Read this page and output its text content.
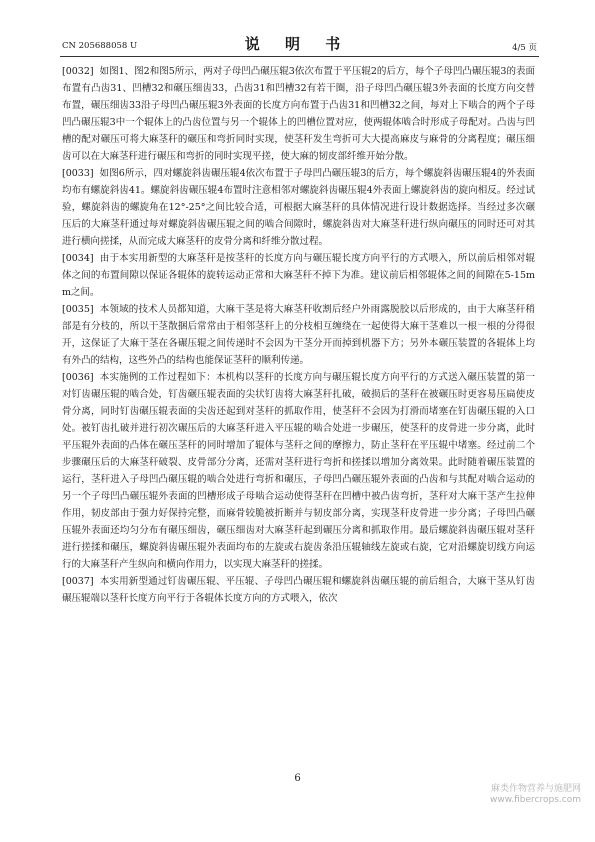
CN 205688058 U	说 明 书	4/5 页

[0032] 如图1、图2和图5所示，两对子母凹凸碾压辊3依次布置于平压辊2的后方，每个子母凹凸碾压辊3的表面布置有凸齿31、凹槽32和碾压细齿33，凸齿31和凹槽32有若干圈，沿子母凹凸碾压辊3外表面的长度方向交替布置，碾压细齿33沿子母凹凸碾压辊3外表面的长度方向布置于凸齿31和凹槽32之间，每对上下啮合的两个子母凹凸碾压辊3中一个辊体上的凸齿位置与另一个辊体上的凹槽位置对应，使两辊体啮合时形成子母配对。凸齿与凹槽的配对碾压可将大麻茎秆的碾压和弯折同时实现，使茎秆发生弯折可大大提高麻皮与麻骨的分离程度；碾压细齿可以在大麻茎秆进行碾压和弯折的同时实现平搓，使大麻的韧皮部纤维开始分散。

[0033] 如图6所示，四对螺旋斜齿碾压辊4依次布置于子母凹凸碾压辊3的后方，每个螺旋斜齿碾压辊4的外表面均布有螺旋斜齿41。螺旋斜齿碾压辊4布置时注意相邻对螺旋斜齿碾压辊4外表面上螺旋斜齿的旋向相反。经过试验，螺旋斜齿的螺旋角在12°-25°之间比较合适，可根据大麻茎秆的具体情况进行设计数据选择。当经过多次碾压后的大麻茎秆通过每对螺旋斜齿碾压辊之间的啮合间隙时，螺旋斜齿对大麻茎秆进行纵向碾压的同时还可对其进行横向搓揉，从而完成大麻茎秆的皮骨分离和纤维分散过程。

[0034] 由于本实用新型的大麻茎秆是按茎秆的长度方向与碾压辊长度方向平行的方式喂入，所以前后相邻对辊体之间的布置间隙以保证各辊体的旋转运动正常和大麻茎秆不掉下为准。建议前后相邻辊体之间的间隙在5-15mm之间。

[0035] 本领域的技术人员都知道，大麻干茎是将大麻茎秆收割后经户外雨露脱胶以后形成的，由于大麻茎秆稍部是有分枝的，所以干茎散捆后常常由于相邻茎秆上的分枝相互缠绕在一起使得大麻干茎难以一根一根的分得很开，这保证了大麻干茎在各碾压辊之间传递时不会因为干茎分开而掉到机器下方；另外本碾压装置的各辊体上均有外凸的结构，这些外凸的结构也能保证茎秆的顺利传递。

[0036] 本实施例的工作过程如下：本机构以茎秆的长度方向与碾压辊长度方向平行的方式送入碾压装置的第一对钉齿碾压辊的啮合处，钉齿碾压辊表面的尖状钉齿将大麻茎秆扎破，破损后的茎秆在被碾压时更容易压扁使皮骨分离，同时钉齿碾压辊表面的尖齿还起到对茎秆的抓取作用，使茎秆不会因为打滑而堵塞在钉齿碾压辊的入口处。被钉齿扎破并进行初次碾压后的大麻茎秆进入平压辊的啮合处进一步碾压，使茎秆的皮骨进一步分离，此时平压辊外表面的凸体在碾压茎秆的同时增加了辊体与茎秆之间的摩擦力，防止茎秆在平压辊中堵塞。经过前二个步骤碾压后的大麻茎秆破裂、皮骨部分分离，还需对茎秆进行弯折和搓揉以增加分离效果。此时随着碾压装置的运行，茎秆进入子母凹凸碾压辊的啮合处进行弯折和碾压，子母凹凸碾压辊外表面的凸齿和与其配对啮合运动的另一个子母凹凸碾压辊外表面的凹槽形成子母啮合运动使得茎秆在凹槽中被凸齿弯折，茎秆对大麻干茎产生拉伸作用，韧皮部由于强力好保持完整，而麻骨较脆被折断并与韧皮部分离，实现茎秆皮骨进一步分离；子母凹凸碾压辊外表面还均匀分布有碾压细齿，碾压细齿对大麻茎秆起到碾压分离和抓取作用。最后螺旋斜齿碾压辊对茎秆进行搓揉和碾压，螺旋斜齿碾压辊外表面均布的左旋或右旋齿条沿压辊轴线左旋或右旋，它对沿螺旋切线方向运行的大麻茎秆产生纵向和横向作用力，以实现大麻茎秆的搓揉。

[0037] 本实用新型通过钉齿碾压辊、平压辊、子母凹凸碾压辊和螺旋斜齿碾压辊的前后组合，大麻干茎从钉齿碾压辊端以茎秆长度方向平行于各辊体长度方向的方式喂入，依次

6
麻类作物营养与施肥网
www.fibercrops.com
